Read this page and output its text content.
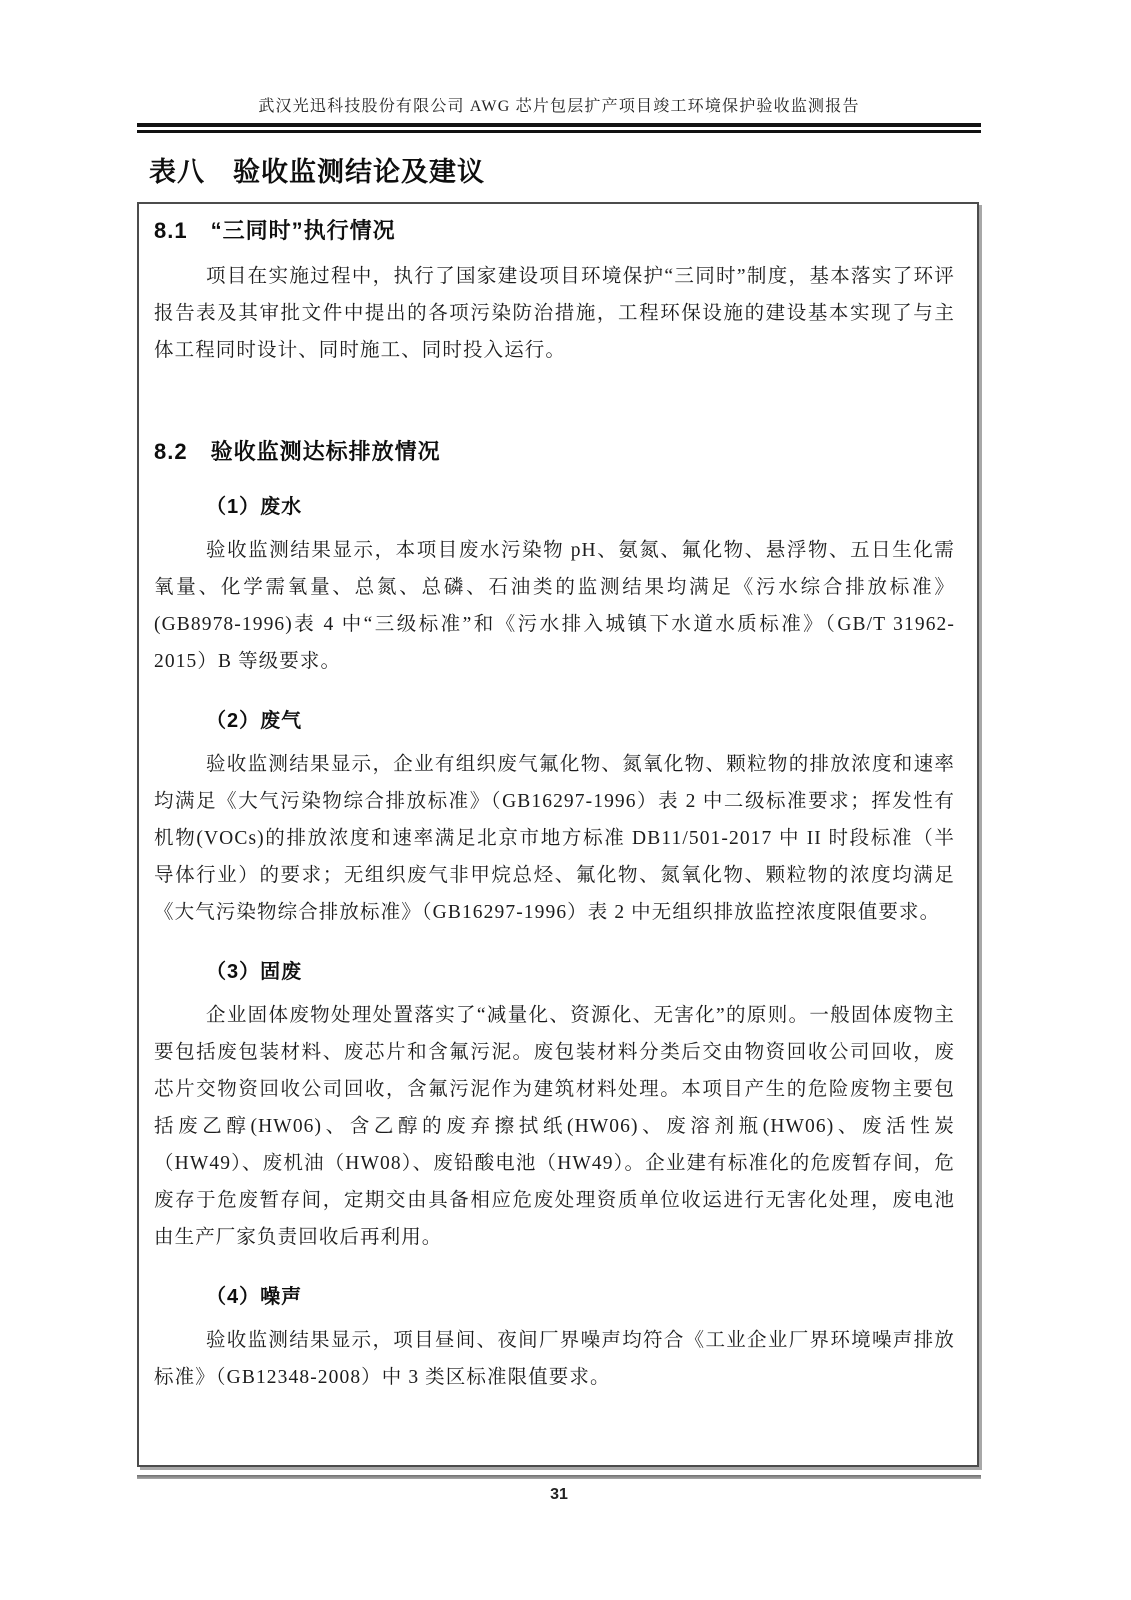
武汉光迅科技股份有限公司 AWG 芯片包层扩产项目竣工环境保护验收监测报告
表八　验收监测结论及建议
8.1　“三同时”执行情况

项目在实施过程中，执行了国家建设项目环境保护“三同时”制度，基本落实了环评报告表及其审批文件中提出的各项污染防治措施，工程环保设施的建设基本实现了与主体工程同时设计、同时施工、同时投入运行。

8.2　验收监测达标排放情况
（1）废水

验收监测结果显示，本项目废水污染物 pH、氨氮、氟化物、悬浮物、五日生化需氧量、化学需氧量、总氮、总磷、石油类的监测结果均满足《污水综合排放标准》(GB8978-1996)表 4 中“三级标准”和《污水排入城镇下水道水质标准》（GB/T 31962-2015）B 等级要求。

（2）废气

验收监测结果显示，企业有组织废气氟化物、氮氧化物、颗粒物的排放浓度和速率均满足《大气污染物综合排放标准》（GB16297-1996）表 2 中二级标准要求；挥发性有机物(VOCs)的排放浓度和速率满足北京市地方标准 DB11/501-2017 中 II 时段标准（半导体行业）的要求；无组织废气非甲烷总烃、氟化物、氮氧化物、颗粒物的浓度均满足《大气污染物综合排放标准》（GB16297-1996）表 2 中无组织排放监控浓度限值要求。

（3）固废

企业固体废物处理处置落实了“减量化、资源化、无害化”的原则。一般固体废物主要包括废包装材料、废芯片和含氟污泥。废包装材料分类后交由物资回收公司回收，废芯片交物资回收公司回收，含氟污泥作为建筑材料处理。本项目产生的危险废物主要包括废乙醇(HW06)、含乙醇的废弃擦拭纸(HW06)、废溶剂瓶(HW06)、废活性炭（HW49）、废机油（HW08）、废铅酸电池（HW49）。企业建有标准化的危废暂存间，危废存于危废暂存间，定期交由具备相应危废处理资质单位收运进行无害化处理，废电池由生产厂家负责回收后再利用。

（4）噪声

验收监测结果显示，项目昼间、夜间厂界噪声均符合《工业企业厂界环境噪声排放标准》（GB12348-2008）中 3 类区标准限值要求。

31
